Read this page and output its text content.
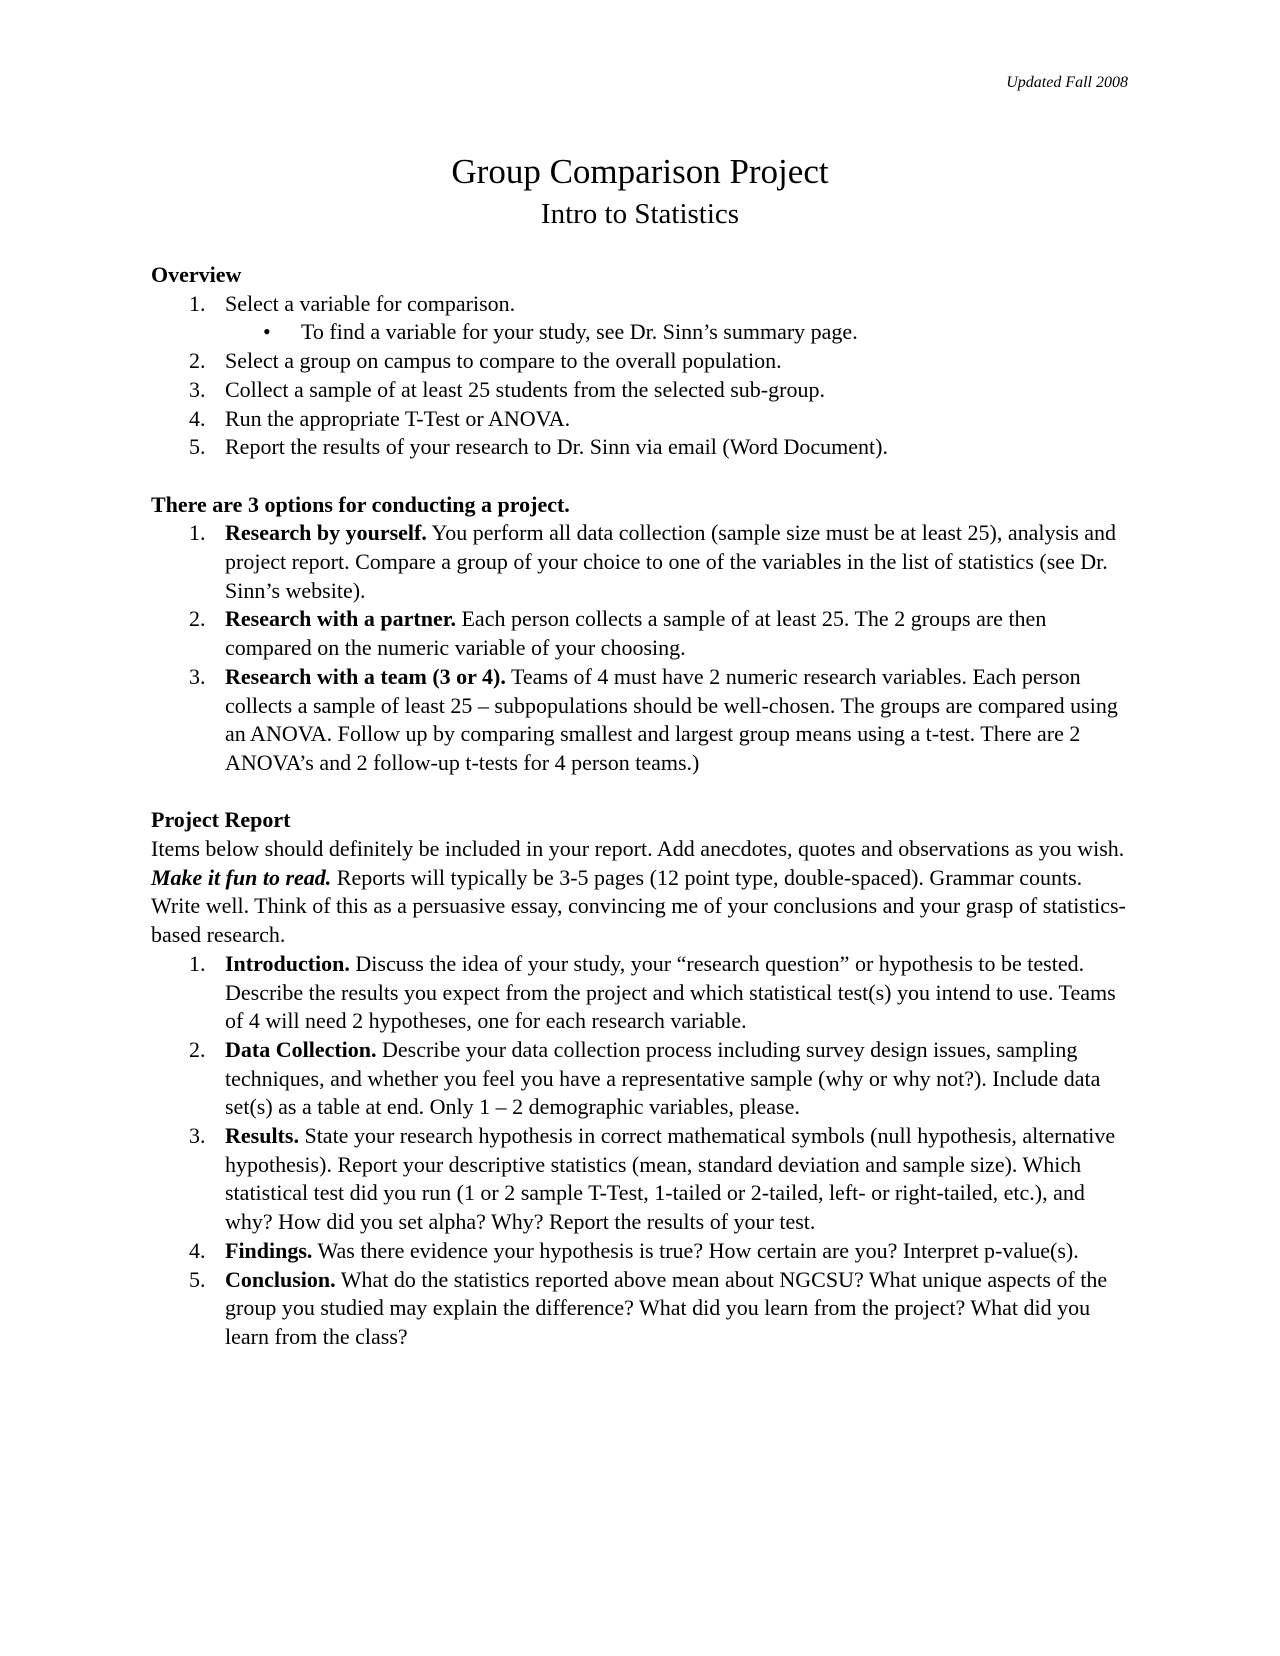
Updated Fall 2008
Group Comparison Project
Intro to Statistics
Overview
1. Select a variable for comparison.
• To find a variable for your study, see Dr. Sinn’s summary page.
2. Select a group on campus to compare to the overall population.
3. Collect a sample of at least 25 students from the selected sub-group.
4. Run the appropriate T-Test or ANOVA.
5. Report the results of your research to Dr. Sinn via email (Word Document).
There are 3 options for conducting a project.
1. Research by yourself. You perform all data collection (sample size must be at least 25), analysis and project report. Compare a group of your choice to one of the variables in the list of statistics (see Dr. Sinn’s website).
2. Research with a partner. Each person collects a sample of at least 25. The 2 groups are then compared on the numeric variable of your choosing.
3. Research with a team (3 or 4). Teams of 4 must have 2 numeric research variables. Each person collects a sample of least 25 – subpopulations should be well-chosen. The groups are compared using an ANOVA. Follow up by comparing smallest and largest group means using a t-test. There are 2 ANOVA’s and 2 follow-up t-tests for 4 person teams.)
Project Report
Items below should definitely be included in your report. Add anecdotes, quotes and observations as you wish. Make it fun to read. Reports will typically be 3-5 pages (12 point type, double-spaced). Grammar counts. Write well. Think of this as a persuasive essay, convincing me of your conclusions and your grasp of statistics-based research.
1. Introduction. Discuss the idea of your study, your “research question” or hypothesis to be tested. Describe the results you expect from the project and which statistical test(s) you intend to use. Teams of 4 will need 2 hypotheses, one for each research variable.
2. Data Collection. Describe your data collection process including survey design issues, sampling techniques, and whether you feel you have a representative sample (why or why not?). Include data set(s) as a table at end. Only 1 – 2 demographic variables, please.
3. Results. State your research hypothesis in correct mathematical symbols (null hypothesis, alternative hypothesis). Report your descriptive statistics (mean, standard deviation and sample size). Which statistical test did you run (1 or 2 sample T-Test, 1-tailed or 2-tailed, left- or right-tailed, etc.), and why? How did you set alpha? Why? Report the results of your test.
4. Findings. Was there evidence your hypothesis is true? How certain are you? Interpret p-value(s).
5. Conclusion. What do the statistics reported above mean about NGCSU? What unique aspects of the group you studied may explain the difference? What did you learn from the project? What did you learn from the class?
